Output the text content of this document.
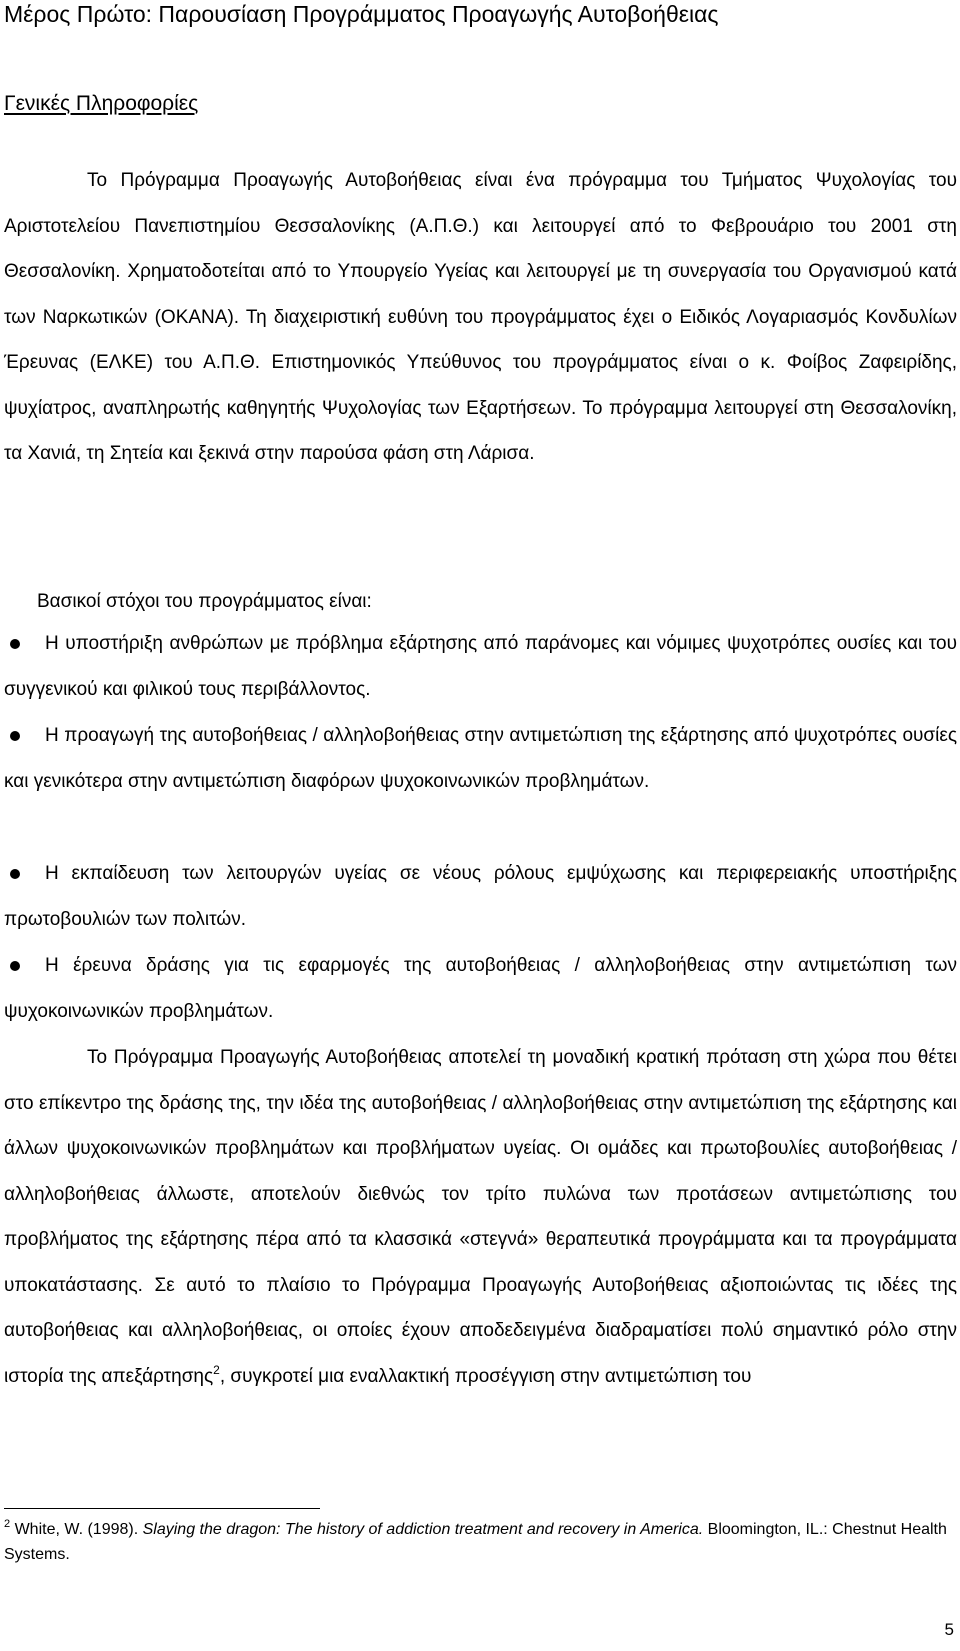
Μέρος Πρώτο: Παρουσίαση Προγράμματος Προαγωγής Αυτοβοήθειας
Γενικές Πληροφορίες
Το Πρόγραμμα Προαγωγής Αυτοβοήθειας είναι ένα πρόγραμμα του Τμήματος Ψυχολογίας του Αριστοτελείου Πανεπιστημίου Θεσσαλονίκης (Α.Π.Θ.) και λειτουργεί από το Φεβρουάριο του 2001 στη Θεσσαλονίκη. Χρηματοδοτείται από το Υπουργείο Υγείας και λειτουργεί με τη συνεργασία του Οργανισμού κατά των Ναρκωτικών (ΟΚΑΝΑ). Τη διαχειριστική ευθύνη του προγράμματος έχει ο Ειδικός Λογαριασμός Κονδυλίων Έρευνας (ΕΛΚΕ) του Α.Π.Θ. Επιστημονικός Υπεύθυνος του προγράμματος είναι ο κ. Φοίβος Ζαφειρίδης, ψυχίατρος, αναπληρωτής καθηγητής Ψυχολογίας των Εξαρτήσεων. Το πρόγραμμα λειτουργεί στη Θεσσαλονίκη, τα Χανιά, τη Σητεία και ξεκινά στην παρούσα φάση στη Λάρισα.
Βασικοί στόχοι του προγράμματος είναι:
Η υποστήριξη ανθρώπων με πρόβλημα εξάρτησης από παράνομες και νόμιμες ψυχοτρόπες ουσίες και του συγγενικού και φιλικού τους περιβάλλοντος.
Η προαγωγή της αυτοβοήθειας / αλληλοβοήθειας στην αντιμετώπιση της εξάρτησης από ψυχοτρόπες ουσίες και γενικότερα στην αντιμετώπιση διαφόρων ψυχοκοινωνικών προβλημάτων.
Η εκπαίδευση των λειτουργών υγείας σε νέους ρόλους εμψύχωσης και περιφερειακής υποστήριξης πρωτοβουλιών των πολιτών.
Η έρευνα δράσης για τις εφαρμογές της αυτοβοήθειας / αλληλοβοήθειας στην αντιμετώπιση των ψυχοκοινωνικών προβλημάτων.
Το Πρόγραμμα Προαγωγής Αυτοβοήθειας αποτελεί τη μοναδική κρατική πρόταση στη χώρα που θέτει στο επίκεντρο της δράσης της, την ιδέα της αυτοβοήθειας / αλληλοβοήθειας στην αντιμετώπιση της εξάρτησης και άλλων ψυχοκοινωνικών προβλημάτων και προβλήματων υγείας. Οι ομάδες και πρωτοβουλίες αυτοβοήθειας / αλληλοβοήθειας άλλωστε, αποτελούν διεθνώς τον τρίτο πυλώνα των προτάσεων αντιμετώπισης του προβλήματος της εξάρτησης πέρα από τα κλασσικά «στεγνά» θεραπευτικά προγράμματα και τα προγράμματα υποκατάστασης. Σε αυτό το πλαίσιο το Πρόγραμμα Προαγωγής Αυτοβοήθειας αξιοποιώντας τις ιδέες της αυτοβοήθειας και αλληλοβοήθειας, οι οποίες έχουν αποδεδειγμένα διαδραματίσει πολύ σημαντικό ρόλο στην ιστορία της απεξάρτησης$^2$, συγκροτεί μια εναλλακτική προσέγγιση στην αντιμετώπιση του
$^2$ White, W. (1998). Slaying the dragon: The history of addiction treatment and recovery in America. Bloomington, IL.: Chestnut Health Systems.
5
